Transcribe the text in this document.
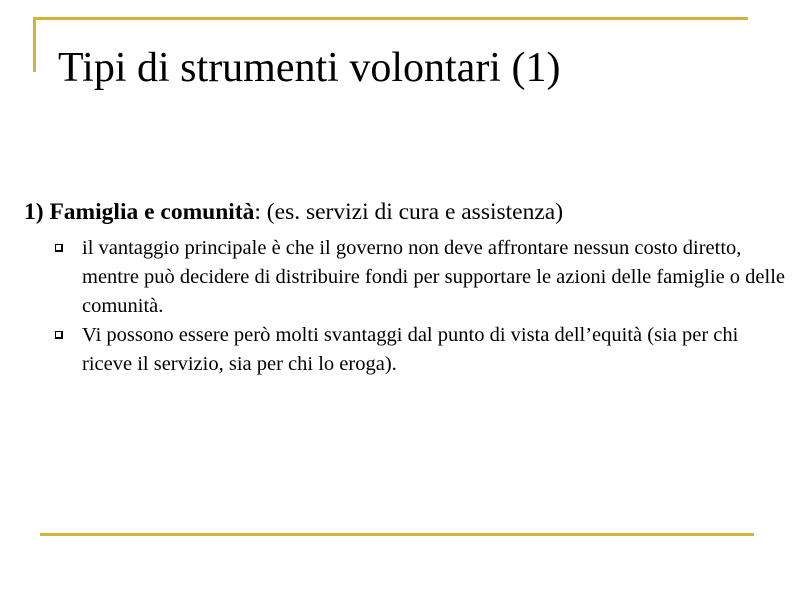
Tipi di strumenti volontari (1)
1) Famiglia e comunità: (es. servizi di cura e assistenza)
il vantaggio principale è che il governo non deve affrontare nessun costo diretto, mentre può decidere di distribuire fondi per supportare le azioni delle famiglie o delle comunità.
Vi possono essere però molti svantaggi dal punto di vista dell’equità (sia per chi riceve il servizio, sia per chi lo eroga).
